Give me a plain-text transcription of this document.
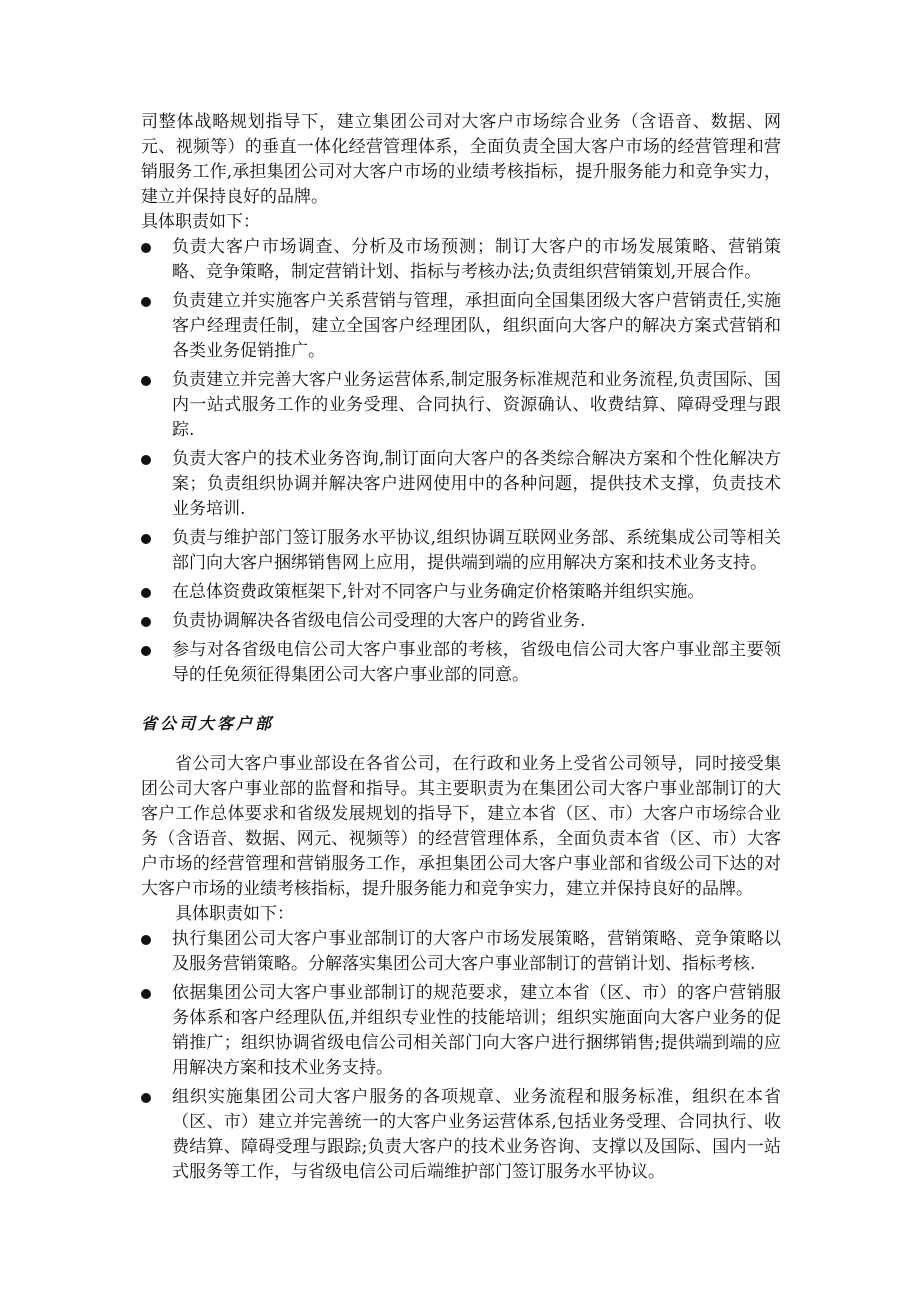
司整体战略规划指导下，建立集团公司对大客户市场综合业务（含语音、数据、网元、视频等）的垂直一体化经营管理体系，全面负责全国大客户市场的经营管理和营销服务工作,承担集团公司对大客户市场的业绩考核指标，提升服务能力和竞争实力，建立并保持良好的品牌。

具体职责如下：

负责大客户市场调查、分析及市场预测；制订大客户的市场发展策略、营销策略、竞争策略，制定营销计划、指标与考核办法;负责组织营销策划,开展合作。
负责建立并实施客户关系营销与管理，承担面向全国集团级大客户营销责任,实施客户经理责任制，建立全国客户经理团队，组织面向大客户的解决方案式营销和各类业务促销推广。
负责建立并完善大客户业务运营体系,制定服务标准规范和业务流程,负责国际、国内一站式服务工作的业务受理、合同执行、资源确认、收费结算、障碍受理与跟踪.
负责大客户的技术业务咨询,制订面向大客户的各类综合解决方案和个性化解决方案；负责组织协调并解决客户进网使用中的各种问题，提供技术支撑，负责技术业务培训.
负责与维护部门签订服务水平协议,组织协调互联网业务部、系统集成公司等相关部门向大客户捆绑销售网上应用，提供端到端的应用解决方案和技术业务支持。
在总体资费政策框架下,针对不同客户与业务确定价格策略并组织实施。
负责协调解决各省级电信公司受理的大客户的跨省业务.
参与对各省级电信公司大客户事业部的考核，省级电信公司大客户事业部主要领导的任免须征得集团公司大客户事业部的同意。
省公司大客户部

省公司大客户事业部设在各省公司，在行政和业务上受省公司领导，同时接受集团公司大客户事业部的监督和指导。其主要职责为在集团公司大客户事业部制订的大客户工作总体要求和省级发展规划的指导下，建立本省（区、市）大客户市场综合业务（含语音、数据、网元、视频等）的经营管理体系，全面负责本省（区、市）大客户市场的经营管理和营销服务工作，承担集团公司大客户事业部和省级公司下达的对大客户市场的业绩考核指标，提升服务能力和竞争实力，建立并保持良好的品牌。

具体职责如下：

执行集团公司大客户事业部制订的大客户市场发展策略，营销策略、竞争策略以及服务营销策略。分解落实集团公司大客户事业部制订的营销计划、指标考核.
依据集团公司大客户事业部制订的规范要求，建立本省（区、市）的客户营销服务体系和客户经理队伍,并组织专业性的技能培训；组织实施面向大客户业务的促销推广；组织协调省级电信公司相关部门向大客户进行捆绑销售;提供端到端的应用解决方案和技术业务支持。
组织实施集团公司大客户服务的各项规章、业务流程和服务标准，组织在本省（区、市）建立并完善统一的大客户业务运营体系,包括业务受理、合同执行、收费结算、障碍受理与跟踪;负责大客户的技术业务咨询、支撑以及国际、国内一站式服务等工作，与省级电信公司后端维护部门签订服务水平协议。
